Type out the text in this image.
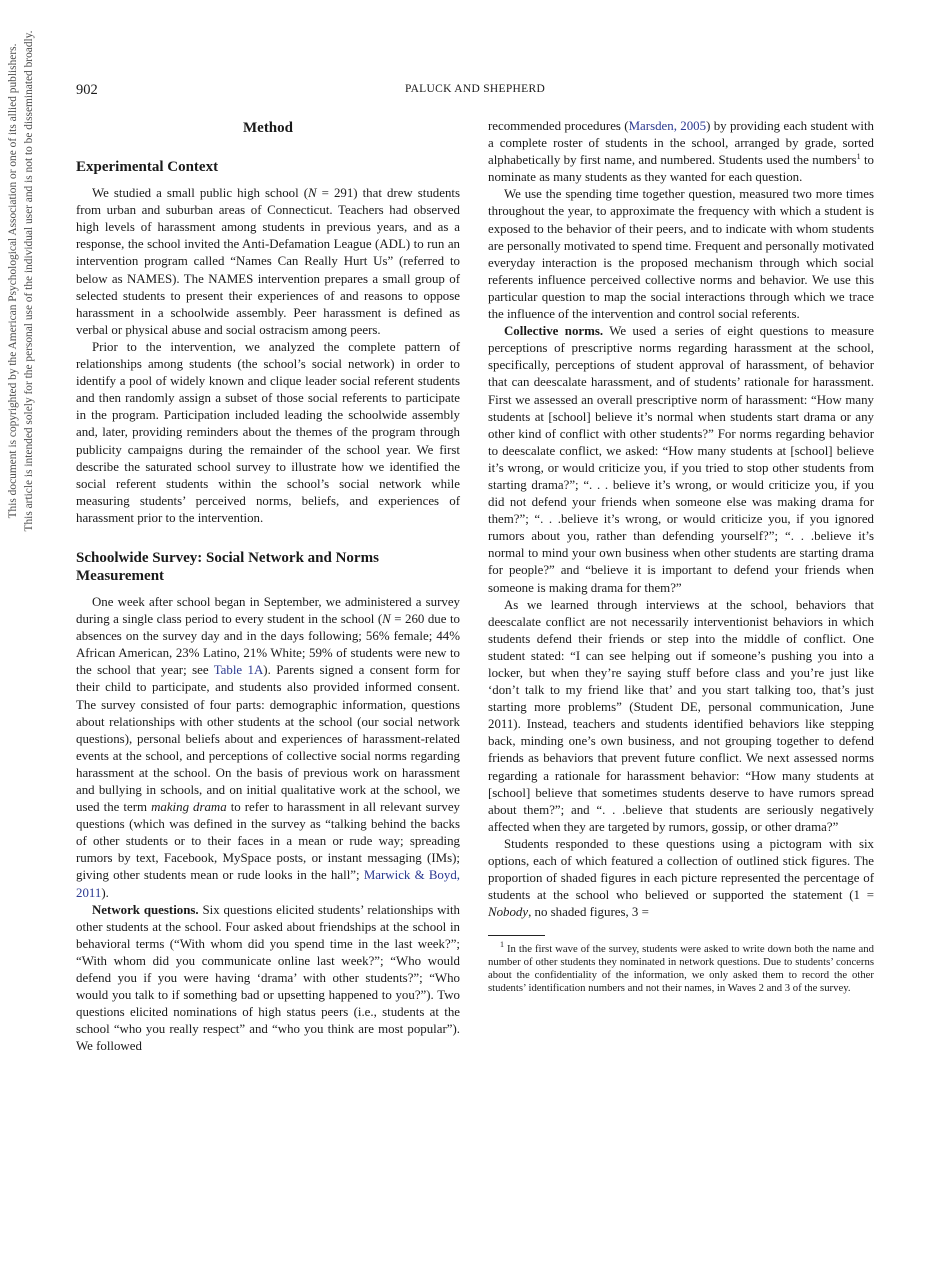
902	PALUCK AND SHEPHERD
This document is copyrighted by the American Psychological Association or one of its allied publishers. This article is intended solely for the personal use of the individual user and is not to be disseminated broadly.	Method
Experimental Context

We studied a small public high school (N = 291) that drew students from urban and suburban areas of Connecticut. Teachers had observed high levels of harassment among students in previous years, and as a response, the school invited the Anti-Defamation League (ADL) to run an intervention program called “Names Can Really Hurt Us” (referred to below as NAMES). The NAMES intervention prepares a small group of selected students to present their experiences of and reasons to oppose harassment in a schoolwide assembly. Peer harassment is defined as verbal or physical abuse and social ostracism among peers.

Prior to the intervention, we analyzed the complete pattern of relationships among students (the school’s social network) in order to identify a pool of widely known and clique leader social referent students and then randomly assign a subset of those social referents to participate in the program. Participation included leading the schoolwide assembly and, later, providing reminders about the themes of the program through publicity campaigns during the remainder of the school year. We first describe the saturated school survey to illustrate how we identified the social referent students within the school’s social network while measuring students’ perceived norms, beliefs, and experiences of harassment prior to the intervention.

Schoolwide Survey: Social Network and Norms Measurement

One week after school began in September, we administered a survey during a single class period to every student in the school (N = 260 due to absences on the survey day and in the days following; 56% female; 44% African American, 23% Latino, 21% White; 59% of students were new to the school that year; see Table 1A). Parents signed a consent form for their child to participate, and students also provided informed consent. The survey consisted of four parts: demographic information, questions about relationships with other students at the school (our social network questions), personal beliefs about and experiences of harassment-related events at the school, and perceptions of collective social norms regarding harassment at the school. On the basis of previous work on harassment and bullying in schools, and on initial qualitative work at the school, we used the term making drama to refer to harassment in all relevant survey questions (which was defined in the survey as “talking behind the backs of other students or to their faces in a mean or rude way; spreading rumors by text, Facebook, MySpace posts, or instant messaging (IMs); giving other students mean or rude looks in the hall”; Marwick & Boyd, 2011).

Network questions. Six questions elicited students’ relationships with other students at the school. Four asked about friendships at the school in behavioral terms (“With whom did you spend time in the last week?”; “With whom did you communicate online last week?”; “Who would defend you if you were having ‘drama’ with other students?”; “Who would you talk to if something bad or upsetting happened to you?”). Two questions elicited nominations of high status peers (i.e., students at the school “who you really respect” and “who you think are most popular”). We followed

recommended procedures (Marsden, 2005) by providing each student with a complete roster of students in the school, arranged by grade, sorted alphabetically by first name, and numbered. Students used the numbers$^1$ to nominate as many students as they wanted for each question.

We use the spending time together question, measured two more times throughout the year, to approximate the frequency with which a student is exposed to the behavior of their peers, and to indicate with whom students are personally motivated to spend time. Frequent and personally motivated everyday interaction is the proposed mechanism through which social referents influence perceived collective norms and behavior. We use this particular question to map the social interactions through which we trace the influence of the intervention and control social referents.

Collective norms. We used a series of eight questions to measure perceptions of prescriptive norms regarding harassment at the school, specifically, perceptions of student approval of harassment, of behavior that can deescalate harassment, and of students’ rationale for harassment. First we assessed an overall prescriptive norm of harassment: “How many students at [school] believe it’s normal when students start drama or any other kind of conflict with other students?” For norms regarding behavior to deescalate conflict, we asked: “How many students at [school] believe it’s wrong, or would criticize you, if you tried to stop other students from starting drama?”; “. . . believe it’s wrong, or would criticize you, if you did not defend your friends when someone else was making drama for them?”; “. . .believe it’s wrong, or would criticize you, if you ignored rumors about you, rather than defending yourself?”; “. . .believe it’s normal to mind your own business when other students are starting drama for people?” and “believe it is important to defend your friends when someone is making drama for them?”

As we learned through interviews at the school, behaviors that deescalate conflict are not necessarily interventionist behaviors in which students defend their friends or step into the middle of conflict. One student stated: “I can see helping out if someone’s pushing you into a locker, but when they’re saying stuff before class and you’re just like ‘don’t talk to my friend like that’ and you start talking too, that’s just starting more problems” (Student DE, personal communication, June 2011). Instead, teachers and students identified behaviors like stepping back, minding one’s own business, and not grouping together to defend friends as behaviors that prevent future conflict. We next assessed norms regarding a rationale for harassment behavior: “How many students at [school] believe that sometimes students deserve to have rumors spread about them?”; and “. . .believe that students are seriously negatively affected when they are targeted by rumors, gossip, or other drama?”

Students responded to these questions using a pictogram with six options, each of which featured a collection of outlined stick figures. The proportion of shaded figures in each picture represented the percentage of students at the school who believed or supported the statement (1 = Nobody, no shaded figures, 3 =

$^1$ In the first wave of the survey, students were asked to write down both the name and number of other students they nominated in network questions. Due to students’ concerns about the confidentiality of the information, we only asked them to record the other students’ identification numbers and not their names, in Waves 2 and 3 of the survey.
